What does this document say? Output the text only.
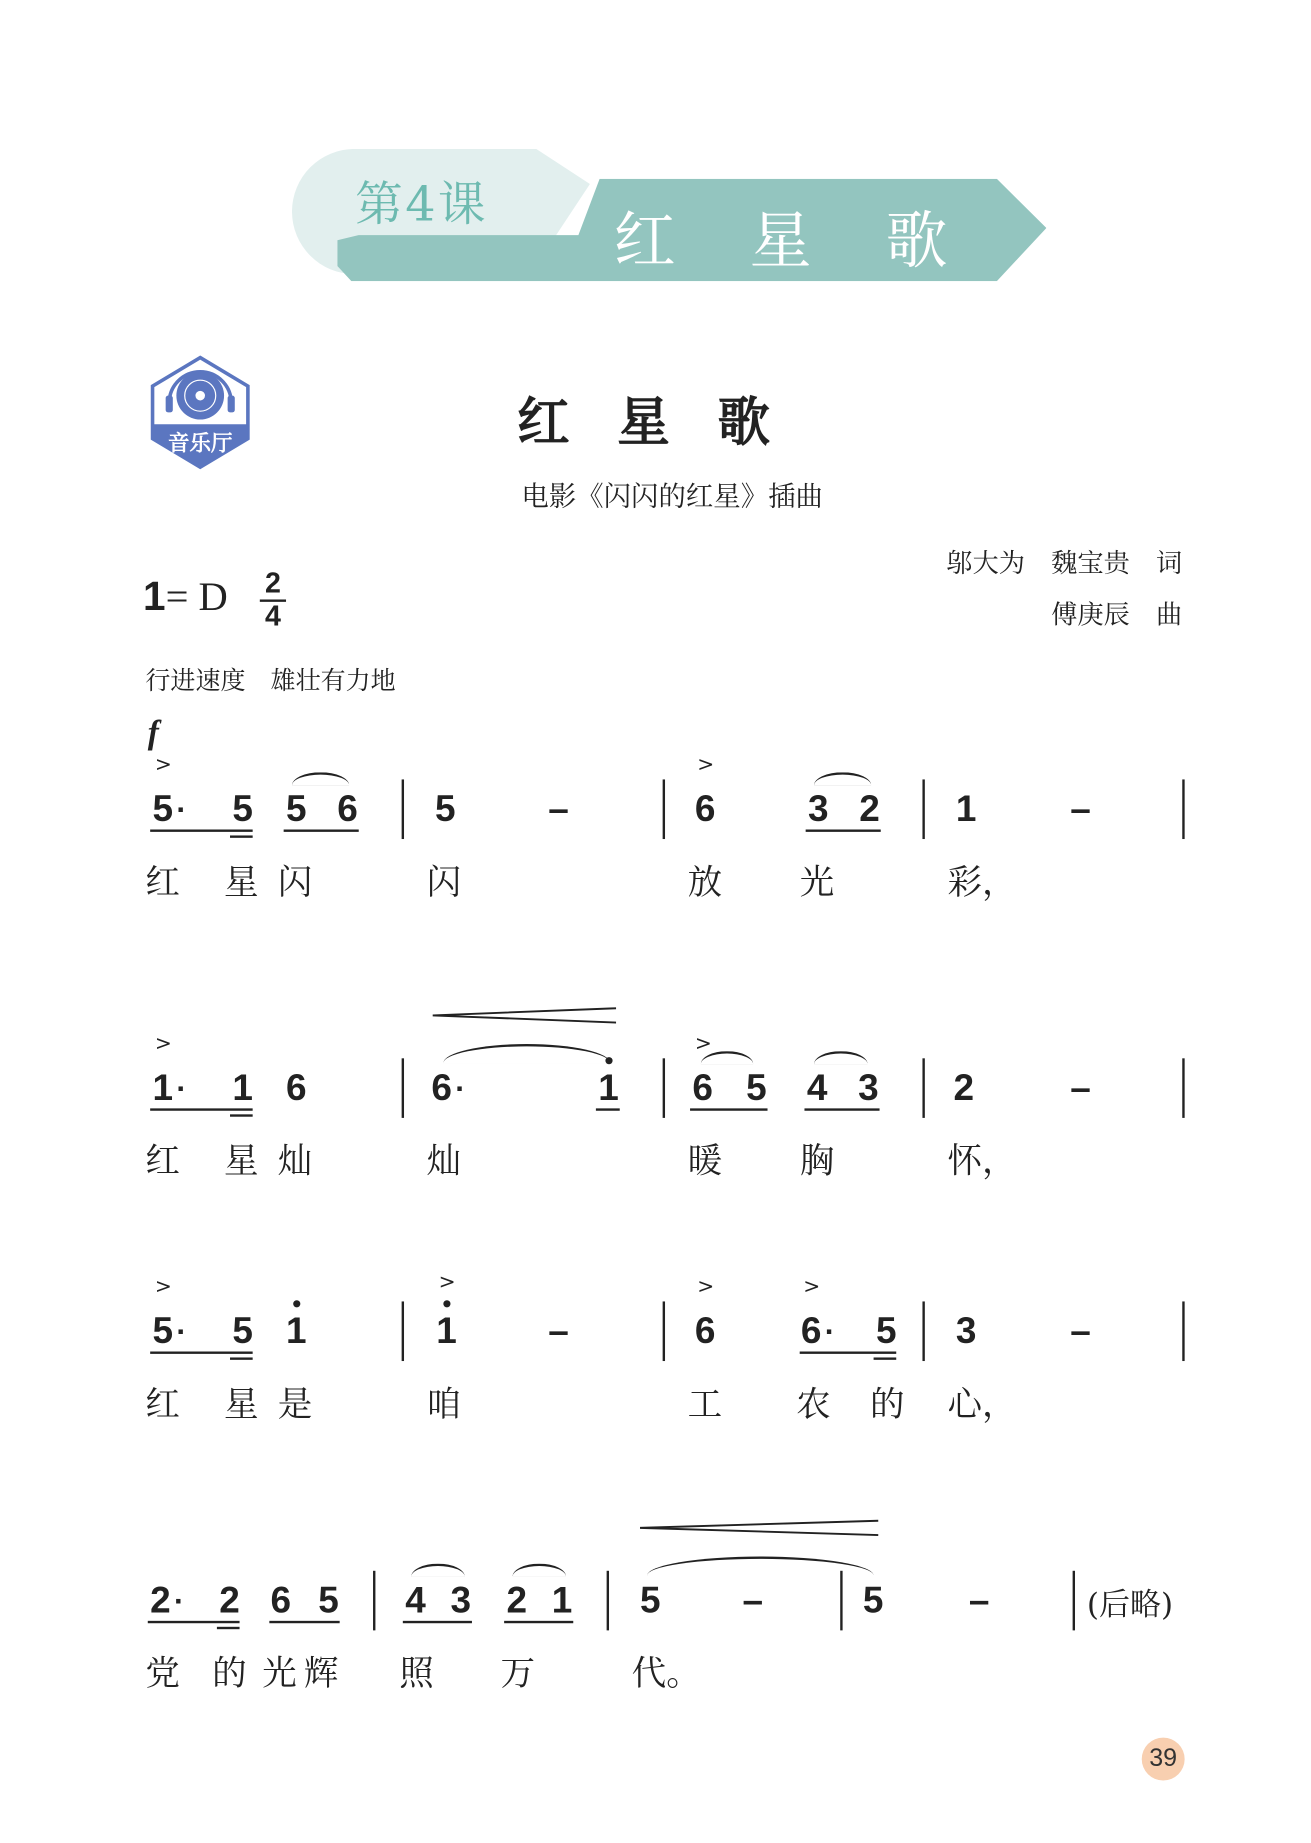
第4课
红星歌
音乐厅	红星歌
电影《闪闪的红星》插曲
邬大为　魏宝贵　词
傅庚辰　曲
1= D 2
4
行进速度　雄壮有力地
f
5 ·
>
5 5 6 5	–	6
>
3 2 1	–
红 星 闪	闪	放	光	彩，
1 ·
>
1 6	6 ·	1 6
>
5 4 3 2	–
红 星 灿	灿	暖	胸	怀，
5 ·
>
5 1	1
>
–	6
>
6 ·
>
5 3	–
红 星 是	咱	工	农 的 心，
2 · 2 6 5 4 3 2 1 5	–	5	–
党 的 光 辉 照 万	代。
(后略)
39
